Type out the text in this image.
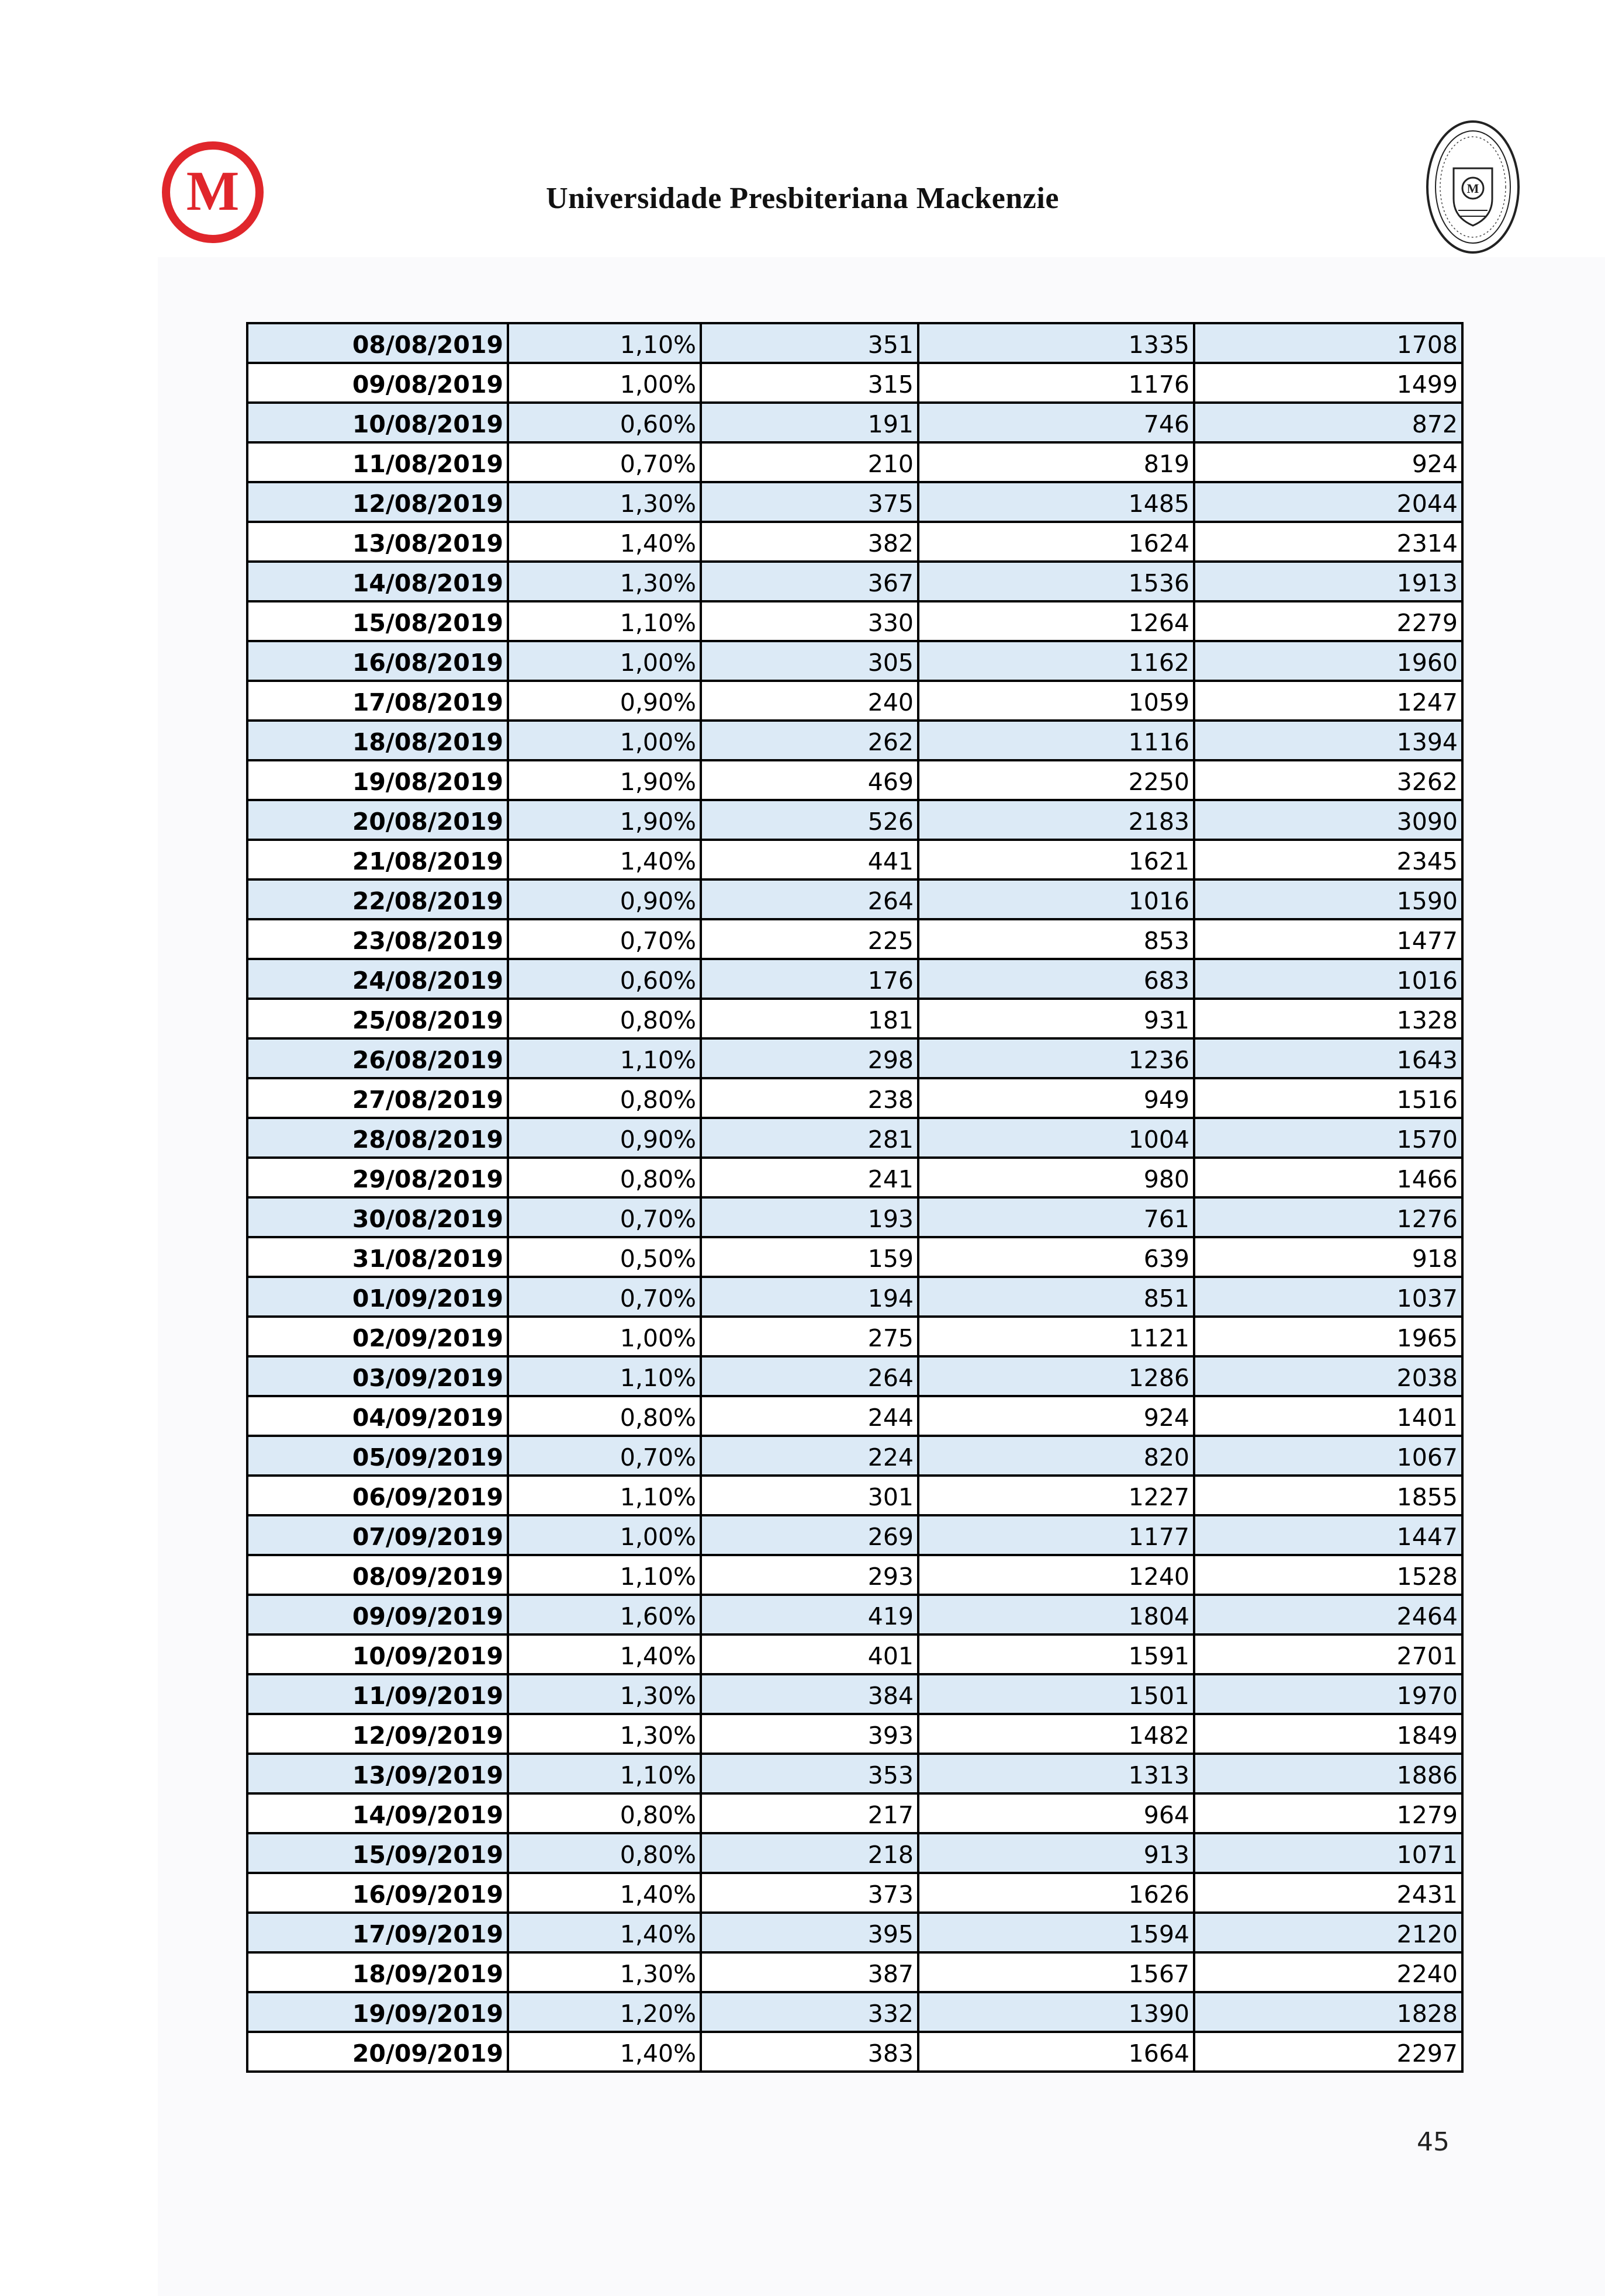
M	Universidade Presbiteriana Mackenzie	M
08/08/2019	1,10%	351	1335	1708
09/08/2019	1,00%	315	1176	1499
10/08/2019	0,60%	191	746	872
11/08/2019	0,70%	210	819	924
12/08/2019	1,30%	375	1485	2044
13/08/2019	1,40%	382	1624	2314
14/08/2019	1,30%	367	1536	1913
15/08/2019	1,10%	330	1264	2279
16/08/2019	1,00%	305	1162	1960
17/08/2019	0,90%	240	1059	1247
18/08/2019	1,00%	262	1116	1394
19/08/2019	1,90%	469	2250	3262
20/08/2019	1,90%	526	2183	3090
21/08/2019	1,40%	441	1621	2345
22/08/2019	0,90%	264	1016	1590
23/08/2019	0,70%	225	853	1477
24/08/2019	0,60%	176	683	1016
25/08/2019	0,80%	181	931	1328
26/08/2019	1,10%	298	1236	1643
27/08/2019	0,80%	238	949	1516
28/08/2019	0,90%	281	1004	1570
29/08/2019	0,80%	241	980	1466
30/08/2019	0,70%	193	761	1276
31/08/2019	0,50%	159	639	918
01/09/2019	0,70%	194	851	1037
02/09/2019	1,00%	275	1121	1965
03/09/2019	1,10%	264	1286	2038
04/09/2019	0,80%	244	924	1401
05/09/2019	0,70%	224	820	1067
06/09/2019	1,10%	301	1227	1855
07/09/2019	1,00%	269	1177	1447
08/09/2019	1,10%	293	1240	1528
09/09/2019	1,60%	419	1804	2464
10/09/2019	1,40%	401	1591	2701
11/09/2019	1,30%	384	1501	1970
12/09/2019	1,30%	393	1482	1849
13/09/2019	1,10%	353	1313	1886
14/09/2019	0,80%	217	964	1279
15/09/2019	0,80%	218	913	1071
16/09/2019	1,40%	373	1626	2431
17/09/2019	1,40%	395	1594	2120
18/09/2019	1,30%	387	1567	2240
19/09/2019	1,20%	332	1390	1828
20/09/2019	1,40%	383	1664	2297
45
